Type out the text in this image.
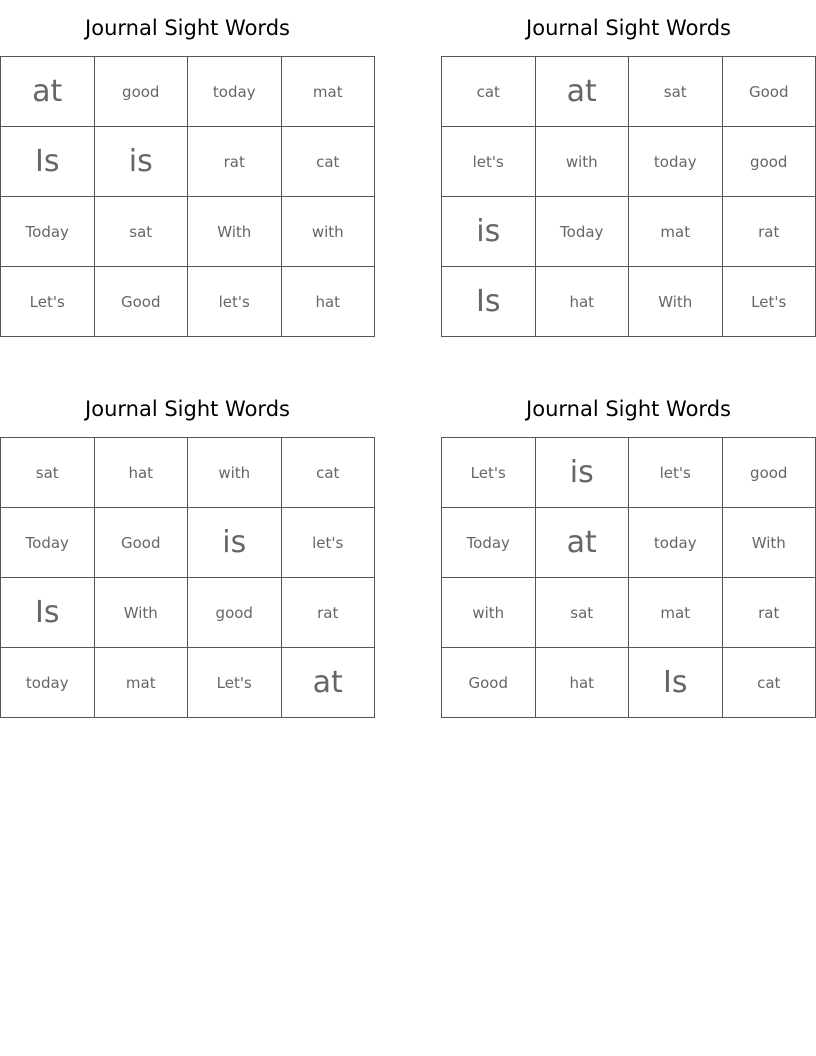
Journal Sight Words
at	good	today	mat
Is	is	rat	cat
Today	sat	With	with
Let's	Good	let's	hat
Journal Sight Words
cat	at	sat	Good
let's	with	today	good
is	Today	mat	rat
Is	hat	With	Let's
Journal Sight Words
sat	hat	with	cat
Today	Good	is	let's
Is	With	good	rat
today	mat	Let's	at
Journal Sight Words
Let's	is	let's	good
Today	at	today	With
with	sat	mat	rat
Good	hat	Is	cat
